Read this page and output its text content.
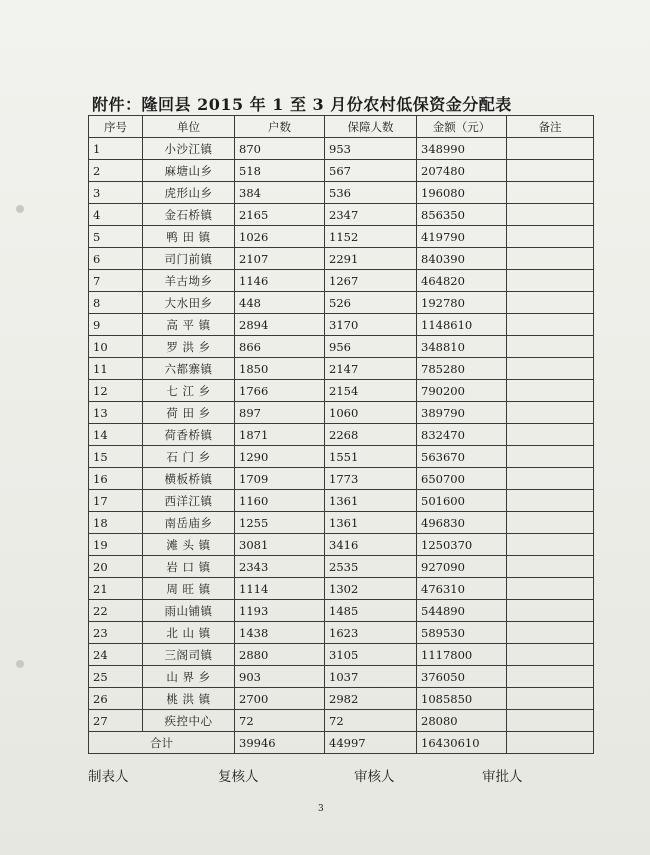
附件：隆回县 2015 年 1 至 3 月份农村低保资金分配表
序号	单位	户数	保障人数	金额（元）	备注
1	小沙江镇	870	953	348990	
2	麻塘山乡	518	567	207480	
3	虎形山乡	384	536	196080	
4	金石桥镇	2165	2347	856350	
5	鸭 田 镇	1026	1152	419790	
6	司门前镇	2107	2291	840390	
7	羊古坳乡	1146	1267	464820	
8	大水田乡	448	526	192780	
9	高 平 镇	2894	3170	1148610	
10	罗 洪 乡	866	956	348810	
11	六都寨镇	1850	2147	785280	
12	七 江 乡	1766	2154	790200	
13	荷 田 乡	897	1060	389790	
14	荷香桥镇	1871	2268	832470	
15	石 门 乡	1290	1551	563670	
16	横板桥镇	1709	1773	650700	
17	西洋江镇	1160	1361	501600	
18	南岳庙乡	1255	1361	496830	
19	滩 头 镇	3081	3416	1250370	
20	岩 口 镇	2343	2535	927090	
21	周 旺 镇	1114	1302	476310	
22	雨山铺镇	1193	1485	544890	
23	北 山 镇	1438	1623	589530	
24	三阁司镇	2880	3105	1117800	
25	山 界 乡	903	1037	376050	
26	桃 洪 镇	2700	2982	1085850	
27	疾控中心	72	72	28080	
合计		39946	44997	16430610	
制表人	复核人	审核人	审批人
3
